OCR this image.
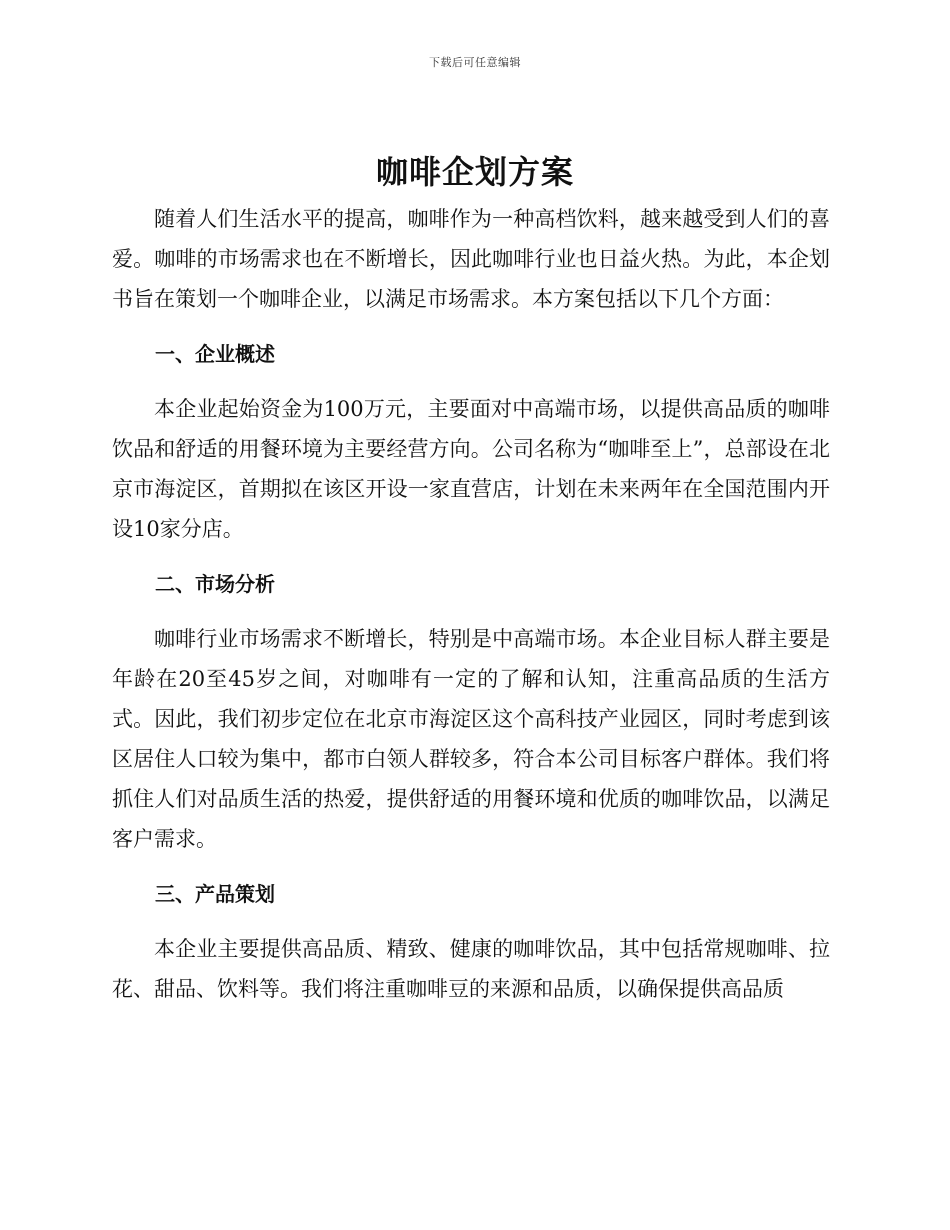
下载后可任意编辑
咖啡企划方案

随着人们生活水平的提高，咖啡作为一种高档饮料，越来越受到人们的喜爱。咖啡的市场需求也在不断增长，因此咖啡行业也日益火热。为此，本企划书旨在策划一个咖啡企业，以满足市场需求。本方案包括以下几个方面：

一、企业概述

本企业起始资金为100万元，主要面对中高端市场，以提供高品质的咖啡饮品和舒适的用餐环境为主要经营方向。公司名称为“咖啡至上”，总部设在北京市海淀区，首期拟在该区开设一家直营店，计划在未来两年在全国范围内开设10家分店。

二、市场分析

咖啡行业市场需求不断增长，特别是中高端市场。本企业目标人群主要是年龄在20至45岁之间，对咖啡有一定的了解和认知，注重高品质的生活方式。因此，我们初步定位在北京市海淀区这个高科技产业园区，同时考虑到该区居住人口较为集中，都市白领人群较多，符合本公司目标客户群体。我们将抓住人们对品质生活的热爱，提供舒适的用餐环境和优质的咖啡饮品，以满足客户需求。

三、产品策划

本企业主要提供高品质、精致、健康的咖啡饮品，其中包括常规咖啡、拉花、甜品、饮料等。我们将注重咖啡豆的来源和品质，以确保提供高品质
